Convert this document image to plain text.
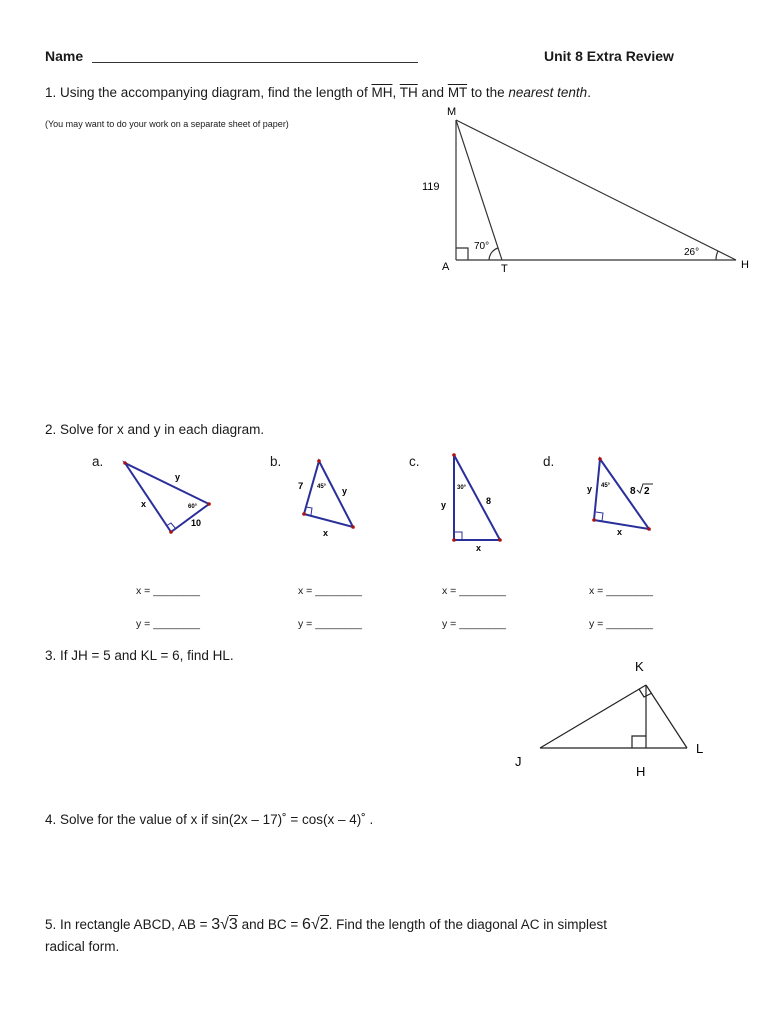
Name	Unit 8 Extra Review
1. Using the accompanying diagram, find the length of $\overline{MH}$, $\overline{TH}$ and $\overline{MT}$ to the nearest tenth.
(You may want to do your work on a separate sheet of paper)
M
A	T	H
119
70°
26°
2. Solve for x and y in each diagram.
a.	b.	c.	d.
y
x	60°
10
7 45° y
x
30°
y	8
x
y 45° 8 2
x
x = ________	x = ________	x = ________	x = ________
y = ________	y = ________	y = ________	y = ________
3. If JH = 5 and KL = 6, find HL.
K
J
L
H
4. Solve for the value of x if sin(2x – 17)˚ = cos(x – 4)˚ .
5. In rectangle ABCD, AB = 3√3 and BC = 6√2. Find the length of the diagonal AC in simplest
radical form.
